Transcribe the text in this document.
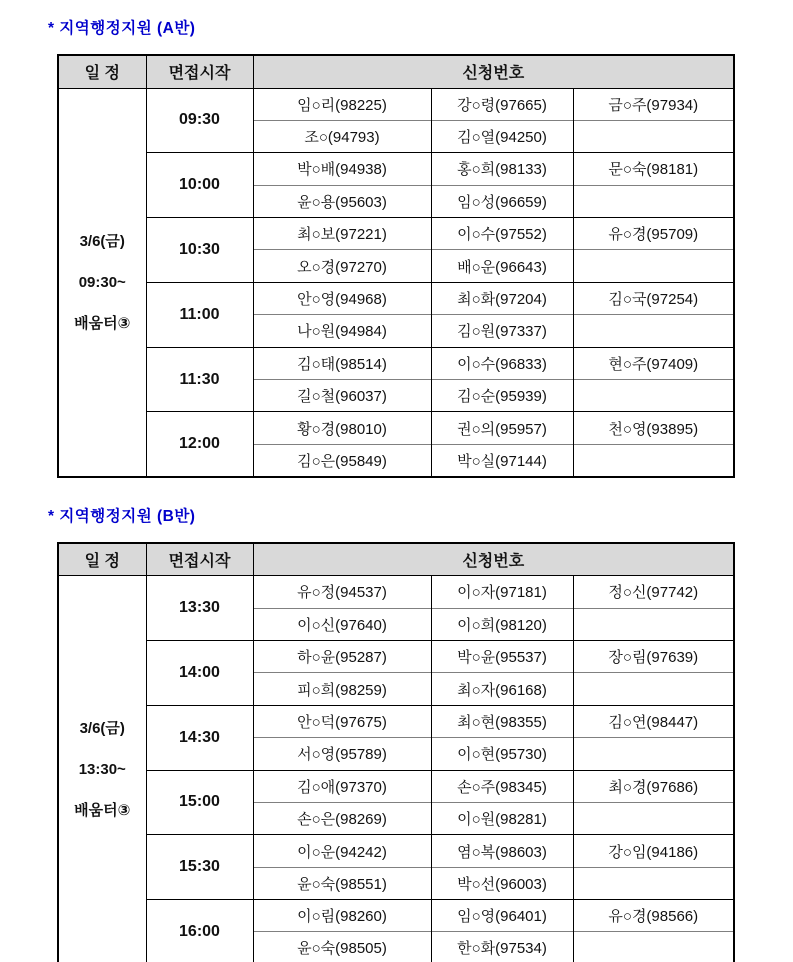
* 지역행정지원 (A반)
일 정	면접시작	신청번호		

3/6(금)
09:30~
배움터③	09:30	임○리(98225)	강○령(97665)	금○주(97934)
		조○(94793)	김○열(94250)	
	10:00	박○배(94938)	홍○희(98133)	문○숙(98181)
		윤○용(95603)	임○성(96659)	
	10:30	최○보(97221)	이○수(97552)	유○경(95709)
		오○경(97270)	배○운(96643)	
	11:00	안○영(94968)	최○화(97204)	김○국(97254)
		나○원(94984)	김○원(97337)	
	11:30	김○태(98514)	이○수(96833)	현○주(97409)
		길○철(96037)	김○순(95939)	
	12:00	황○경(98010)	권○의(95957)	천○영(93895)
		김○은(95849)	박○실(97144)	
* 지역행정지원 (B반)
일 정	면접시작	신청번호		

3/6(금)
13:30~
배움터③	13:30	유○정(94537)	이○자(97181)	정○신(97742)
		이○신(97640)	이○희(98120)	
	14:00	하○윤(95287)	박○윤(95537)	장○림(97639)
		피○희(98259)	최○자(96168)	
	14:30	안○덕(97675)	최○현(98355)	김○연(98447)
		서○영(95789)	이○현(95730)	
	15:00	김○애(97370)	손○주(98345)	최○경(97686)
		손○은(98269)	이○원(98281)	
	15:30	이○운(94242)	염○복(98603)	강○임(94186)
		윤○숙(98551)	박○선(96003)	
	16:00	이○림(98260)	임○영(96401)	유○경(98566)
		윤○숙(98505)	한○화(97534)	
